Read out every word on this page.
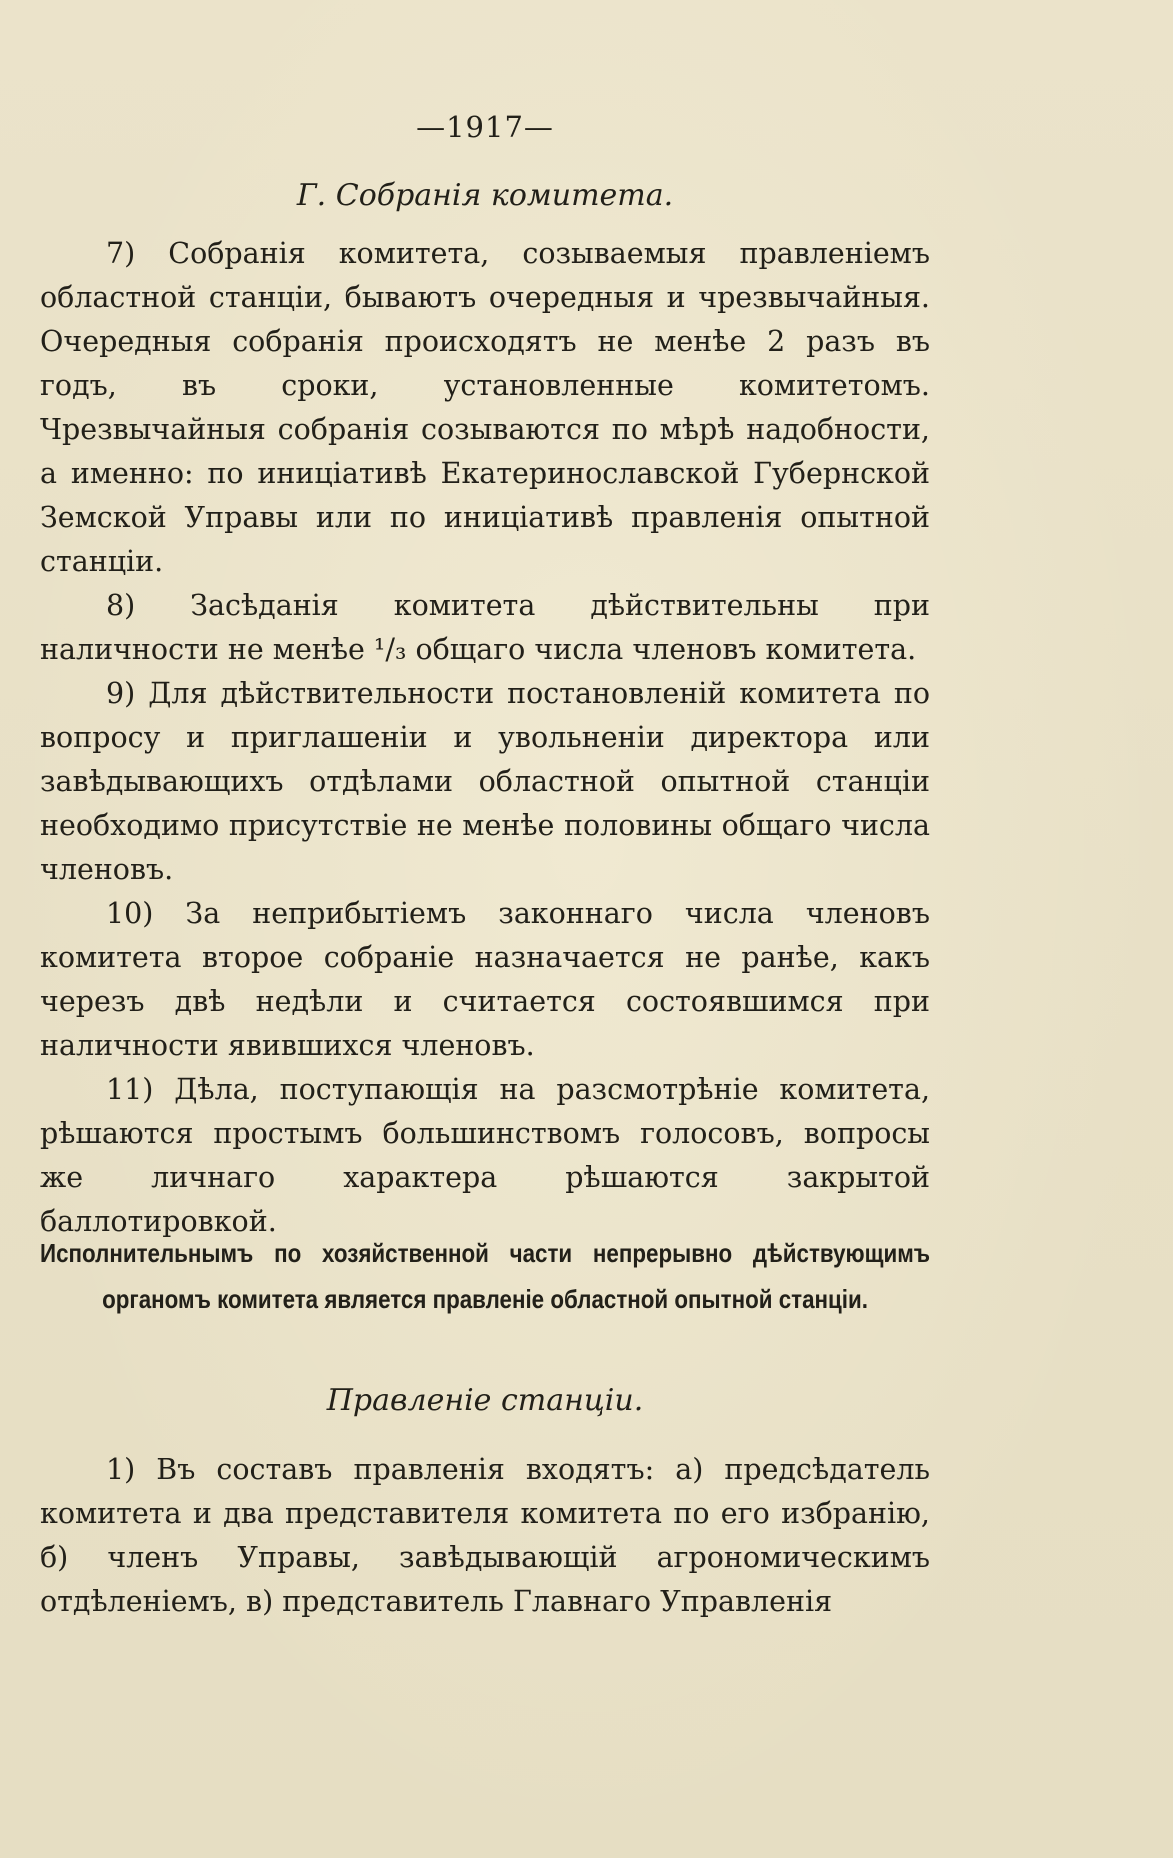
—1917—
Г. Собранія комитета.

7) Собранія комитета, созываемыя правленіемъ областной станціи, бываютъ очередныя и чрезвычайныя. Очередныя собранія происходятъ не менѣе 2 разъ въ годъ, въ сроки, установленные комитетомъ. Чрезвычайныя собранія созываются по мѣрѣ надобности, а именно: по иниціативѣ Екатеринославской Губернской Земской Управы или по иниціативѣ правленія опытной станціи.

8) Засѣданія комитета дѣйствительны при наличности не менѣе ¹/₃ общаго числа членовъ комитета.

9) Для дѣйствительности постановленій комитета по вопросу и приглашеніи и увольненіи директора или завѣдывающихъ отдѣлами областной опытной станціи необходимо присутствіе не менѣе половины общаго числа членовъ.

10) За неприбытіемъ законнаго числа членовъ комитета второе собраніе назначается не ранѣе, какъ черезъ двѣ недѣли и считается состоявшимся при наличности явившихся членовъ.

11) Дѣла, поступающія на разсмотрѣніе комитета, рѣшаются простымъ большинствомъ голосовъ, вопросы же личнаго характера рѣшаются закрытой баллотировкой.

Исполнительнымъ по хозяйственной части непрерывно дѣйствующимъ органомъ комитета является правленіе областной опытной станціи.
Правленіе станціи.

1) Въ составъ правленія входятъ: а) предсѣдатель комитета и два представителя комитета по его избранію, б) членъ Управы, завѣдывающій агрономическимъ отдѣленіемъ, в) представитель Главнаго Управленія
